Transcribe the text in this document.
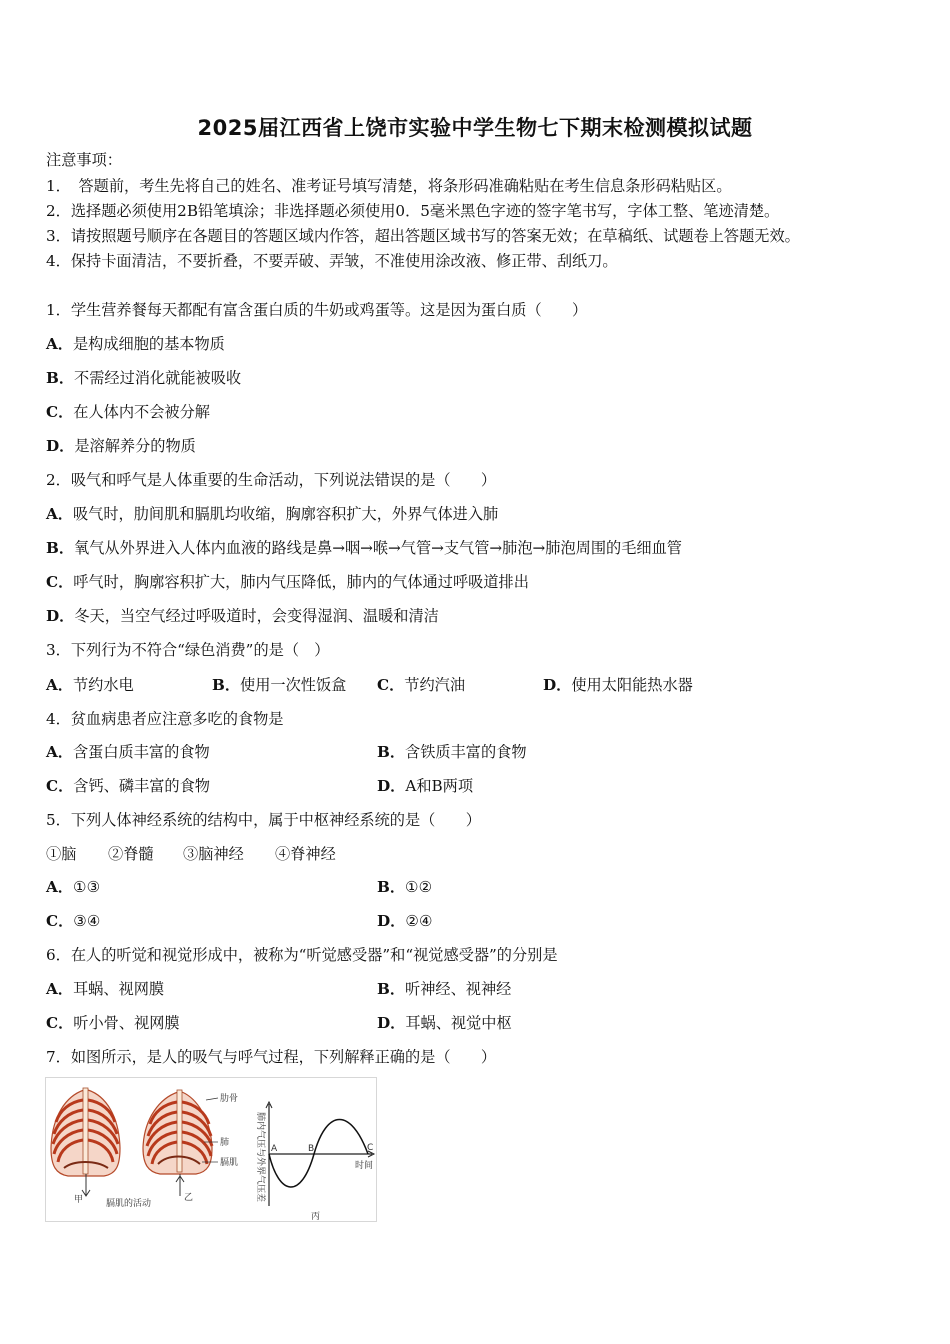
2025届江西省上饶市实验中学生物七下期末检测模拟试题
注意事项：
1．　答题前，考生先将自己的姓名、准考证号填写清楚，将条形码准确粘贴在考生信息条形码粘贴区。
2．选择题必须使用2B铅笔填涂；非选择题必须使用0．5毫米黑色字迹的签字笔书写，字体工整、笔迹清楚。
3．请按照题号顺序在各题目的答题区域内作答，超出答题区域书写的答案无效；在草稿纸、试题卷上答题无效。
4．保持卡面清洁，不要折叠，不要弄破、弄皱，不准使用涂改液、修正带、刮纸刀。
1．学生营养餐每天都配有富含蛋白质的牛奶或鸡蛋等。这是因为蛋白质（　　）
A．是构成细胞的基本物质
B．不需经过消化就能被吸收
C．在人体内不会被分解
D．是溶解养分的物质
2．吸气和呼气是人体重要的生命活动，下列说法错误的是（　　）
A．吸气时，肋间肌和膈肌均收缩，胸廓容积扩大，外界气体进入肺
B．氧气从外界进入人体内血液的路线是鼻→咽→喉→气管→支气管→肺泡→肺泡周围的毛细血管
C．呼气时，胸廓容积扩大，肺内气压降低，肺内的气体通过呼吸道排出
D．冬天，当空气经过呼吸道时，会变得湿润、温暖和清洁
3．下列行为不符合“绿色消费”的是（　）
A．节约水电	B．使用一次性饭盒 C．节约汽油	D．使用太阳能热水器
4．贫血病患者应注意多吃的食物是
A．含蛋白质丰富的食物	B．含铁质丰富的食物
C．含钙、磷丰富的食物	D．A和B两项
5．下列人体神经系统的结构中，属于中枢神经系统的是（　　）
①脑 ②脊髓 ③脑神经 ④脊神经
A．①③	B．①②
C．③④	D．②④
6．在人的听觉和视觉形成中，被称为“听觉感受器”和“视觉感受器”的分别是
A．耳蜗、视网膜	B．听神经、视神经
C．听小骨、视网膜	D．耳蜗、视觉中枢
7．如图所示，是人的吸气与呼气过程，下列解释正确的是（　　）
肋骨
肺
膈肌
甲	乙
膈肌的活动
肺内气压与外界气压差	时间
A	B	C
丙
